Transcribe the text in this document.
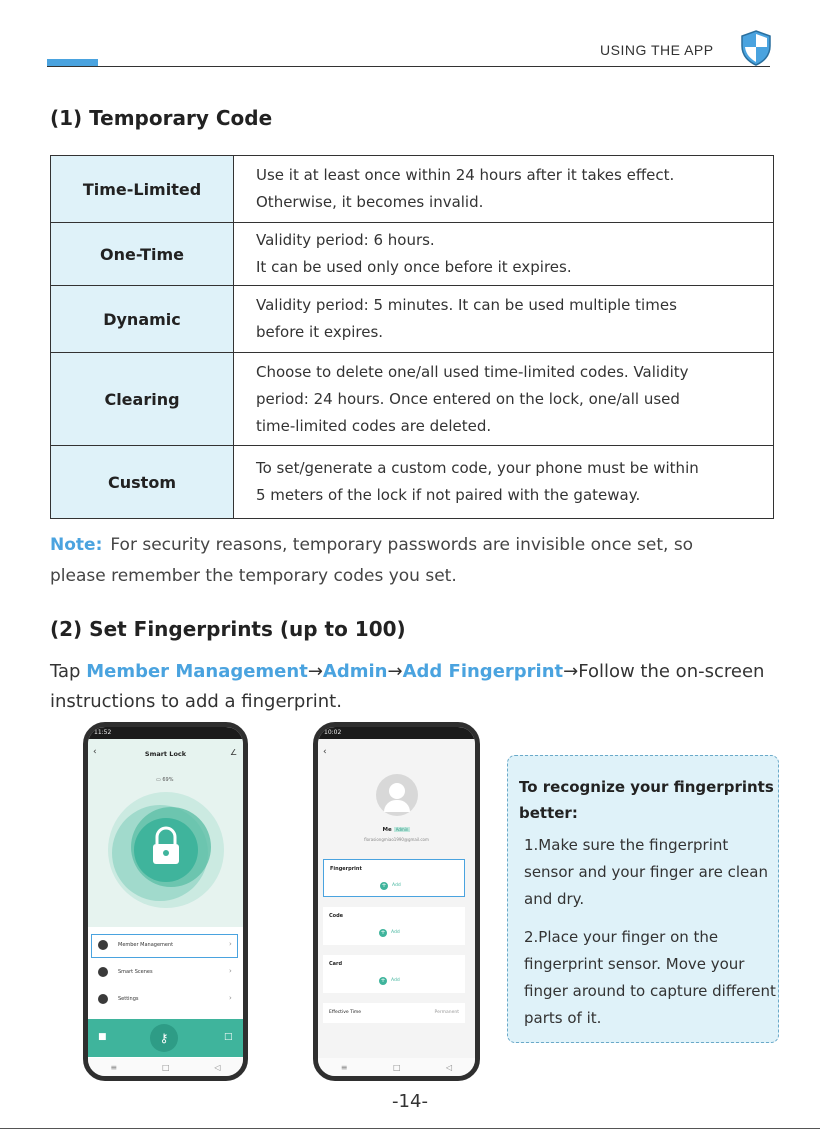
USING THE APP
(1) Temporary Code
Time-Limited	Use it at least once within 24 hours after it takes effect.
Otherwise, it becomes invalid.

One-Time	Validity period: 6 hours.
It can be used only once before it expires.

Dynamic	Validity period: 5 minutes. It can be used multiple times
before it expires.

Clearing	Choose to delete one/all used time-limited codes. Validity
period: 24 hours. Once entered on the lock, one/all used
time-limited codes are deleted.

Custom	To set/generate a custom code, your phone must be within
5 meters of the lock if not paired with the gateway.
Note: For security reasons, temporary passwords are invisible once set, so
please remember the temporary codes you set.
(2) Set Fingerprints (up to 100)
Tap Member Management→Admin→Add Fingerprint→Follow the on-screen
instructions to add a fingerprint.
11:52
‹	Smart Lock	∠
▭ 69%
Member Management	›
Smart Scenes	›
Settings	›
■	⚷	□
≡	□	◁
10:02
‹
Me Admin
florasiongmiao1990@gmail.com
Fingerprint
+	Add
Code
+	Add
Card
+	Add
Effective Time	Permanent
≡	□	◁
To recognize your fingerprints better:
1.Make sure the fingerprint sensor and your finger are clean and dry.
2.Place your finger on the fingerprint sensor. Move your finger around to capture different parts of it.
-14-
